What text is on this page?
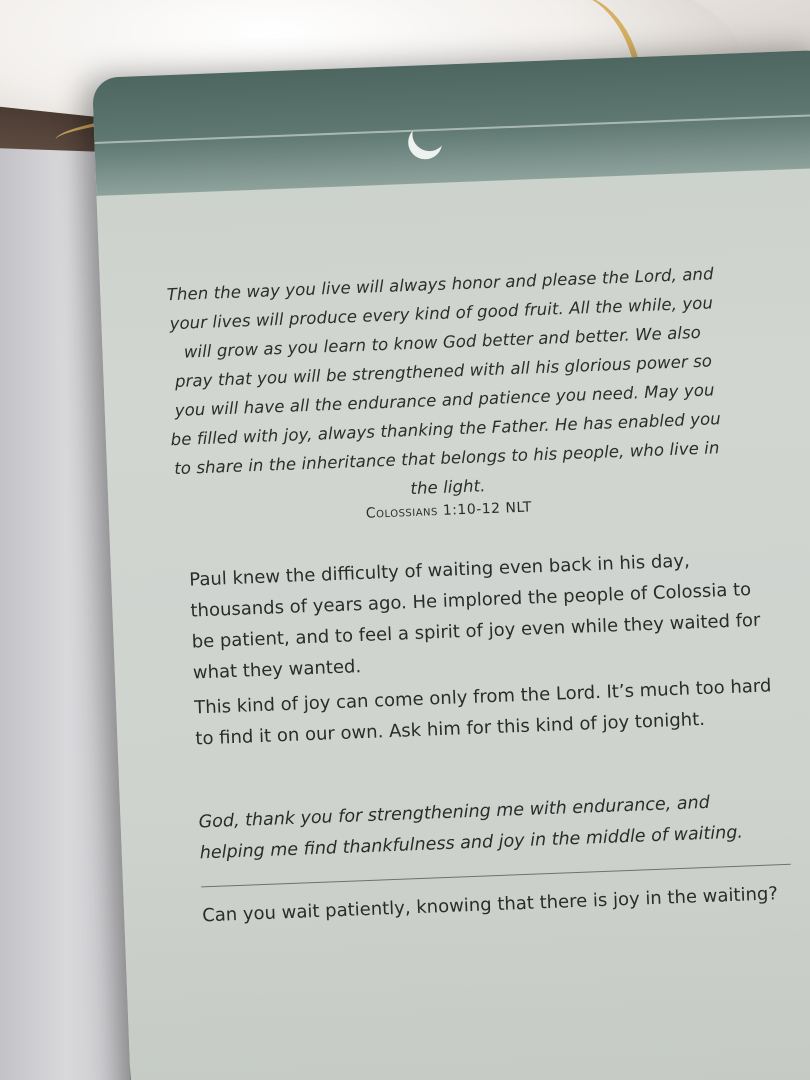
Then the way you live will always honor and please the Lord, and your lives will produce every kind of good fruit. All the while, you will grow as you learn to know God better and better. We also pray that you will be strengthened with all his glorious power so you will have all the endurance and patience you need. May you be filled with joy, always thanking the Father. He has enabled you to share in the inheritance that belongs to his people, who live in the light.

Colossians 1:10-12 NLT

Paul knew the difficulty of waiting even back in his day, thousands of years ago. He implored the people of Colossia to be patient, and to feel a spirit of joy even while they waited for what they wanted.

This kind of joy can come only from the Lord. It’s much too hard to find it on our own. Ask him for this kind of joy tonight.

God, thank you for strengthening me with endurance, and helping me find thankfulness and joy in the middle of waiting.

Can you wait patiently, knowing that there is joy in the waiting?
